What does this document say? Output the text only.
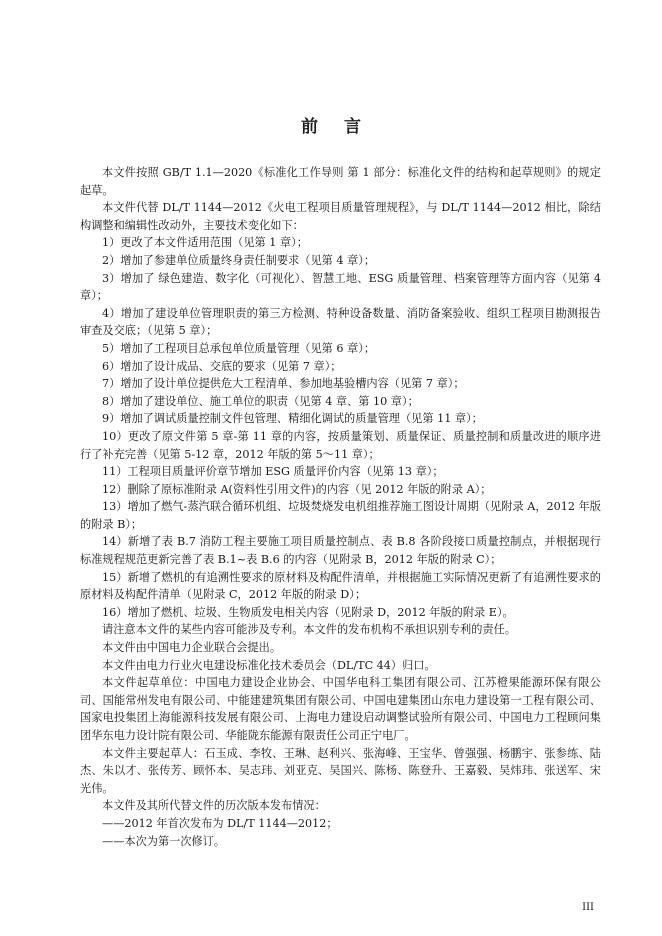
前言

本文件按照 GB/T 1.1—2020《标准化工作导则 第 1 部分：标准化文件的结构和起草规则》的规定起草。

本文件代替 DL/T 1144—2012《火电工程项目质量管理规程》，与 DL/T 1144—2012 相比，除结构调整和编辑性改动外，主要技术变化如下：

1）更改了本文件适用范围（见第 1 章）；

2）增加了参建单位质量终身责任制要求（见第 4 章）；

3）增加了 绿色建造、数字化（可视化）、智慧工地、ESG 质量管理、档案管理等方面内容（见第 4 章）；

4）增加了建设单位管理职责的第三方检测、特种设备数量、消防备案验收、组织工程项目勘测报告审查及交底；（见第 5 章）；

5）增加了工程项目总承包单位质量管理（见第 6 章）；

6）增加了设计成品、交底的要求（见第 7 章）；

7）增加了设计单位提供危大工程清单、参加地基验槽内容（见第 7 章）；

8）增加了建设单位、施工单位的职责（见第 4 章、第 10 章）；

9）增加了调试质量控制文件包管理、精细化调试的质量管理（见第 11 章）；

10）更改了原文件第 5 章-第 11 章的内容，按质量策划、质量保证、质量控制和质量改进的顺序进行了补充完善（见第 5-12 章，2012 年版的第 5～11 章）；

11）工程项目质量评价章节增加 ESG 质量评价内容（见第 13 章）；

12）删除了原标准附录 A(资料性引用文件)的内容（见 2012 年版的附录 A）；

13）增加了燃气-蒸汽联合循环机组、垃圾焚烧发电机组推荐施工图设计周期（见附录 A，2012 年版的附录 B）；

14）新增了表 B.7 消防工程主要施工项目质量控制点、表 B.8 各阶段接口质量控制点，并根据现行标准规程规范更新完善了表 B.1~表 B.6 的内容（见附录 B，2012 年版的附录 C）；

15）新增了燃机的有追溯性要求的原材料及构配件清单，并根据施工实际情况更新了有追溯性要求的原材料及构配件清单（见附录 C，2012 年版的附录 D）；

16）增加了燃机、垃圾、生物质发电相关内容（见附录 D，2012 年版的附录 E）。

请注意本文件的某些内容可能涉及专利。本文件的发布机构不承担识别专利的责任。

本文件由中国电力企业联合会提出。

本文件由电力行业火电建设标准化技术委员会（DL/TC 44）归口。

本文件起草单位：中国电力建设企业协会、中国华电科工集团有限公司、江苏橙果能源环保有限公司、国能常州发电有限公司、中能建建筑集团有限公司、中国电建集团山东电力建设第一工程有限公司、国家电投集团上海能源科技发展有限公司、上海电力建设启动调整试验所有限公司、中国电力工程顾问集团华东电力设计院有限公司、华能陇东能源有限责任公司正宁电厂。

本文件主要起草人：石玉成、李牧、王琳、赵利兴、张海峰、王宝华、曾强强、杨鹏宇、张参练、陆杰、朱以才、张传芳、顾怀本、吴志玮、刘亚克、吴国兴、陈杨、陈登升、王嘉毅、吴炜玮、张送军、宋光伟。

本文件及其所代替文件的历次版本发布情况：

——2012 年首次发布为 DL/T 1144—2012；

——本次为第一次修订。

III
